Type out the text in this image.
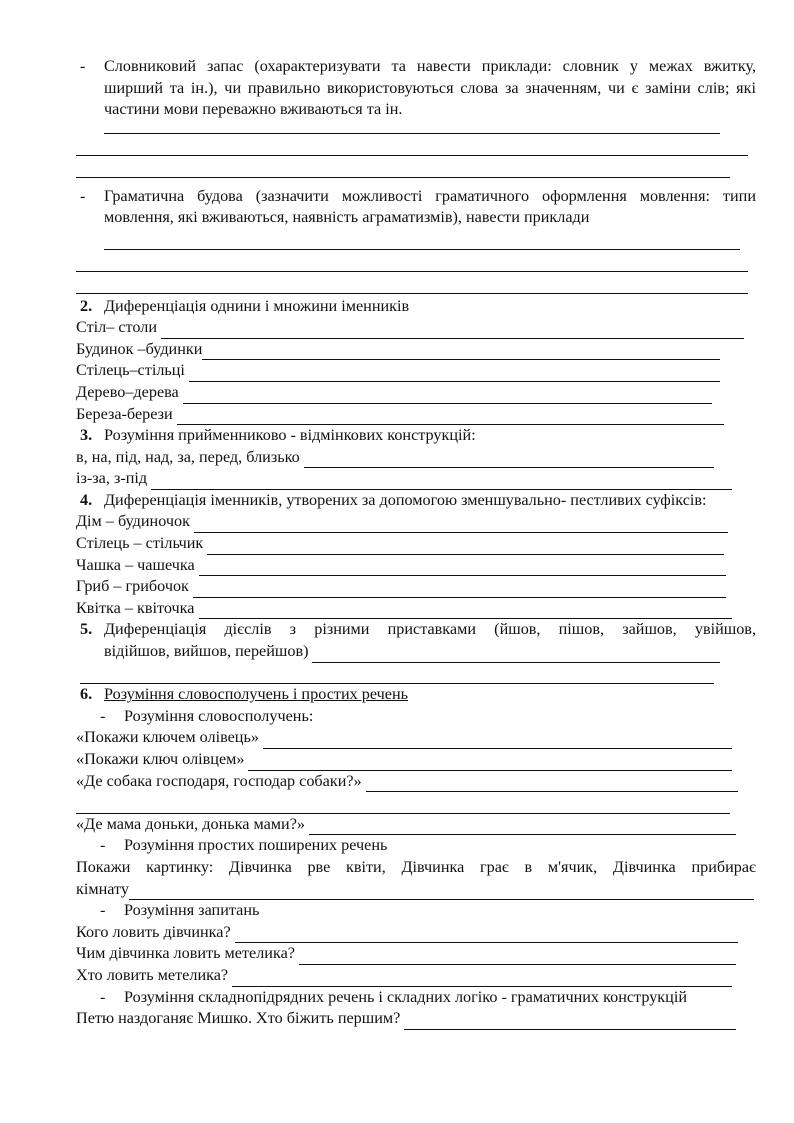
-	Словниковий запас (охарактеризувати та навести приклади: словник у межах вжитку, ширший та ін.), чи правильно використовуються слова за значенням, чи є заміни слів; які частини мови переважно вживаються та ін.
-	Граматична будова (зазначити можливості граматичного оформлення мовлення: типи мовлення, які вживаються, наявність аграматизмів), навести приклади
2. Диференціація однини і множини іменників
Стіл– столи
Будинок –будинки
Стілець–стільці
Дерево–дерева
Береза-берези
3. Розуміння прийменниково - відмінкових конструкцій:
в, на, під, над, за, перед, близько
із-за, з-під
4. Диференціація іменників, утворених за допомогою зменшувально- пестливих суфіксів:
Дім – будиночок
Стілець – стільчик
Чашка – чашечка
Гриб – грибочок
Квітка – квіточка
5. Диференціація дієслів з різними приставками (йшов, пішов, зайшов, увійшов,
відійшов, вийшов, перейшов)
6. Розуміння словосполучень і простих речень
-	Розуміння словосполучень:
«Покажи ключем олівець»
«Покажи ключ олівцем»
«Де собака господаря, господар собаки?»
«Де мама доньки, донька мами?»
-	Розуміння простих поширених речень
Покажи картинку: Дівчинка рве квіти, Дівчинка грає в м'ячик, Дівчинка прибирає
кімнату
-	Розуміння запитань
Кого ловить дівчинка?
Чим дівчинка ловить метелика?
Хто ловить метелика?
-	Розуміння складнопідрядних речень і складних логіко - граматичних конструкцій
Петю наздоганяє Мишко. Хто біжить першим?
